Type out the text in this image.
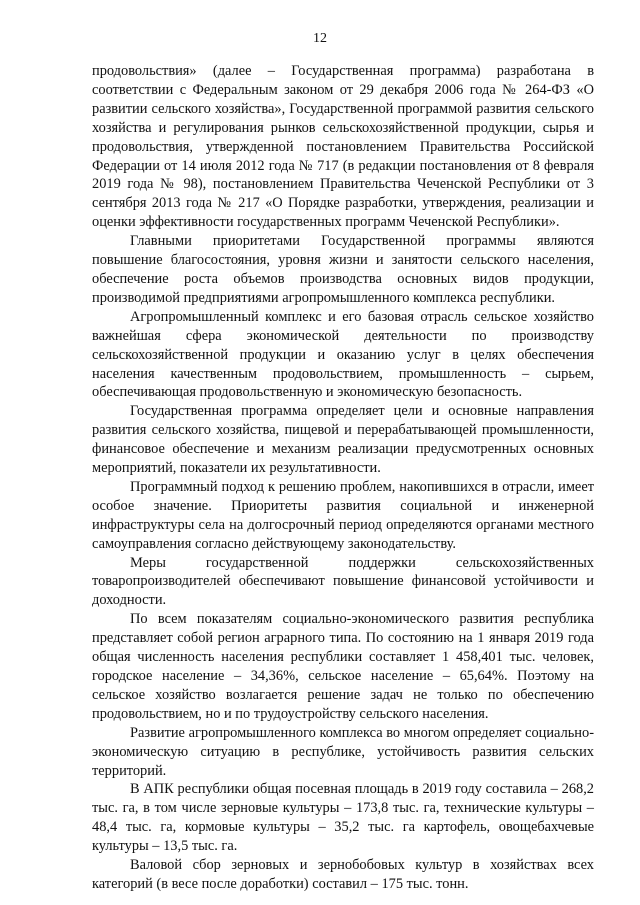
12

продовольствия» (далее – Государственная программа) разработана в соответствии с Федеральным законом от 29 декабря 2006 года № 264-ФЗ «О развитии сельского хозяйства», Государственной программой развития сельского хозяйства и регулирования рынков сельскохозяйственной продукции, сырья и продовольствия, утвержденной постановлением Правительства Российской Федерации от 14 июля 2012 года № 717 (в редакции постановления от 8 февраля 2019 года № 98), постановлением Правительства Чеченской Республики от 3 сентября 2013 года № 217 «О Порядке разработки, утверждения, реализации и оценки эффективности государственных программ Чеченской Республики».

Главными приоритетами Государственной программы являются повышение благосостояния, уровня жизни и занятости сельского населения, обеспечение роста объемов производства основных видов продукции, производимой предприятиями агропромышленного комплекса республики.

Агропромышленный комплекс и его базовая отрасль сельское хозяйство важнейшая сфера экономической деятельности по производству сельскохозяйственной продукции и оказанию услуг в целях обеспечения населения качественным продовольствием, промышленность – сырьем, обеспечивающая продовольственную и экономическую безопасность.

Государственная программа определяет цели и основные направления развития сельского хозяйства, пищевой и перерабатывающей промышленности, финансовое обеспечение и механизм реализации предусмотренных основных мероприятий, показатели их результативности.

Программный подход к решению проблем, накопившихся в отрасли, имеет особое значение. Приоритеты развития социальной и инженерной инфраструктуры села на долгосрочный период определяются органами местного самоуправления согласно действующему законодательству.

Меры государственной поддержки сельскохозяйственных товаропроизводителей обеспечивают повышение финансовой устойчивости и доходности.

По всем показателям социально-экономического развития республика представляет собой регион аграрного типа. По состоянию на 1 января 2019 года общая численность населения республики составляет 1 458,401 тыс. человек, городское население – 34,36%, сельское население – 65,64%. Поэтому на сельское хозяйство возлагается решение задач не только по обеспечению продовольствием, но и по трудоустройству сельского населения.

Развитие агропромышленного комплекса во многом определяет социально-экономическую ситуацию в республике, устойчивость развития сельских территорий.

В АПК республики общая посевная площадь в 2019 году составила – 268,2 тыс. га, в том числе зерновые культуры – 173,8 тыс. га, технические культуры – 48,4 тыс. га, кормовые культуры – 35,2 тыс. га картофель, овощебахчевые культуры – 13,5 тыс. га.

Валовой сбор зерновых и зернобобовых культур в хозяйствах всех категорий (в весе после доработки) составил – 175 тыс. тонн.
